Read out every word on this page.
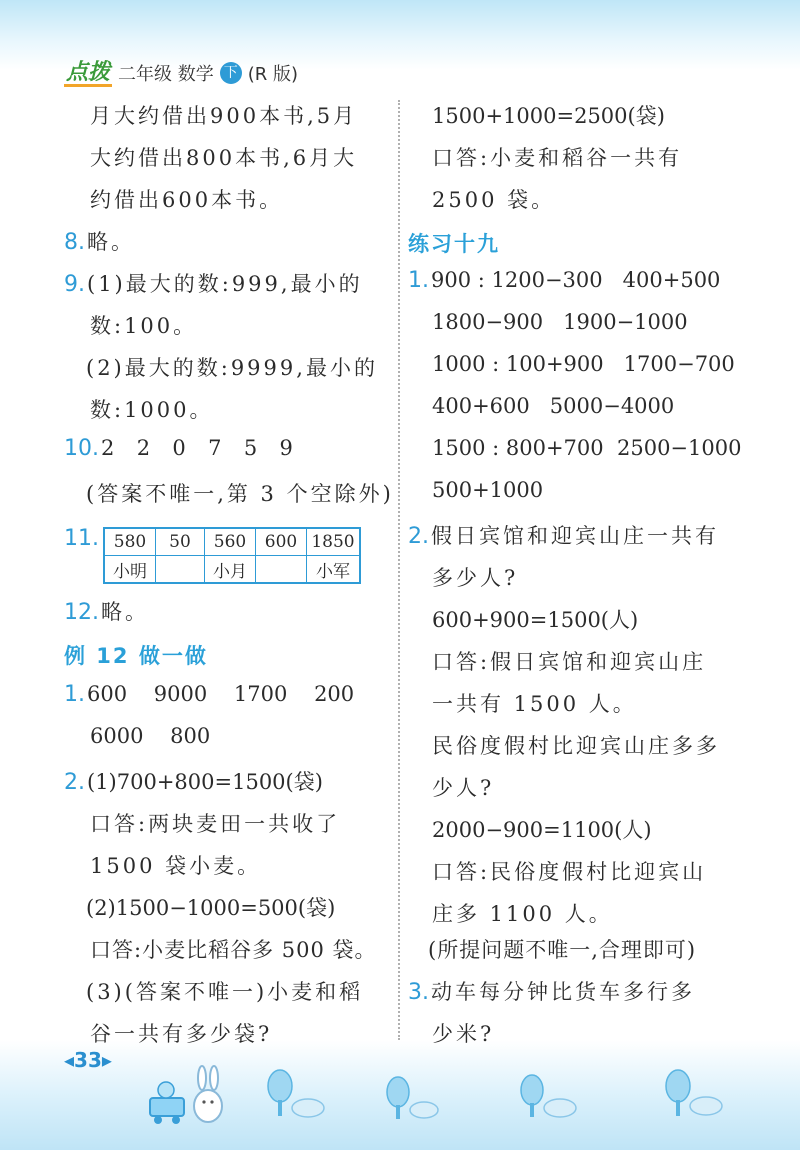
点拨 二年级 数学 下 (R 版)
月大约借出900本书,5月
大约借出800本书,6月大
约借出600本书。
8.略。
9.(1)最大的数:999,最小的
数:100。
(2)最大的数:9999,最小的
数:1000。
10.2  2  0  7  5  9
(答案不唯一,第 3 个空除外)
11. 580	50	560	600	1850
小明		小月		小军
12.略。
例 12 做一做
1.600    9000    1700    200
6000    800
2.(1)700+800=1500(袋)
口答:两块麦田一共收了
1500 袋小麦。
(2)1500−1000=500(袋)
口答:小麦比稻谷多 500 袋。
(3)(答案不唯一)小麦和稻
谷一共有多少袋?
1500+1000=2500(袋)
口答:小麦和稻谷一共有
2500 袋。
练习十九
1.900 : 1200−300   400+500
1800−900   1900−1000
1000 : 100+900   1700−700
400+600   5000−4000
1500 : 800+700  2500−1000
500+1000
2.假日宾馆和迎宾山庄一共有
多少人?
600+900=1500(人)
口答:假日宾馆和迎宾山庄
一共有 1500 人。
民俗度假村比迎宾山庄多多
少人?
2000−900=1100(人)
口答:民俗度假村比迎宾山
庄多 1100 人。
(所提问题不唯一,合理即可)
3.动车每分钟比货车多行多
少米?
◂33▸
